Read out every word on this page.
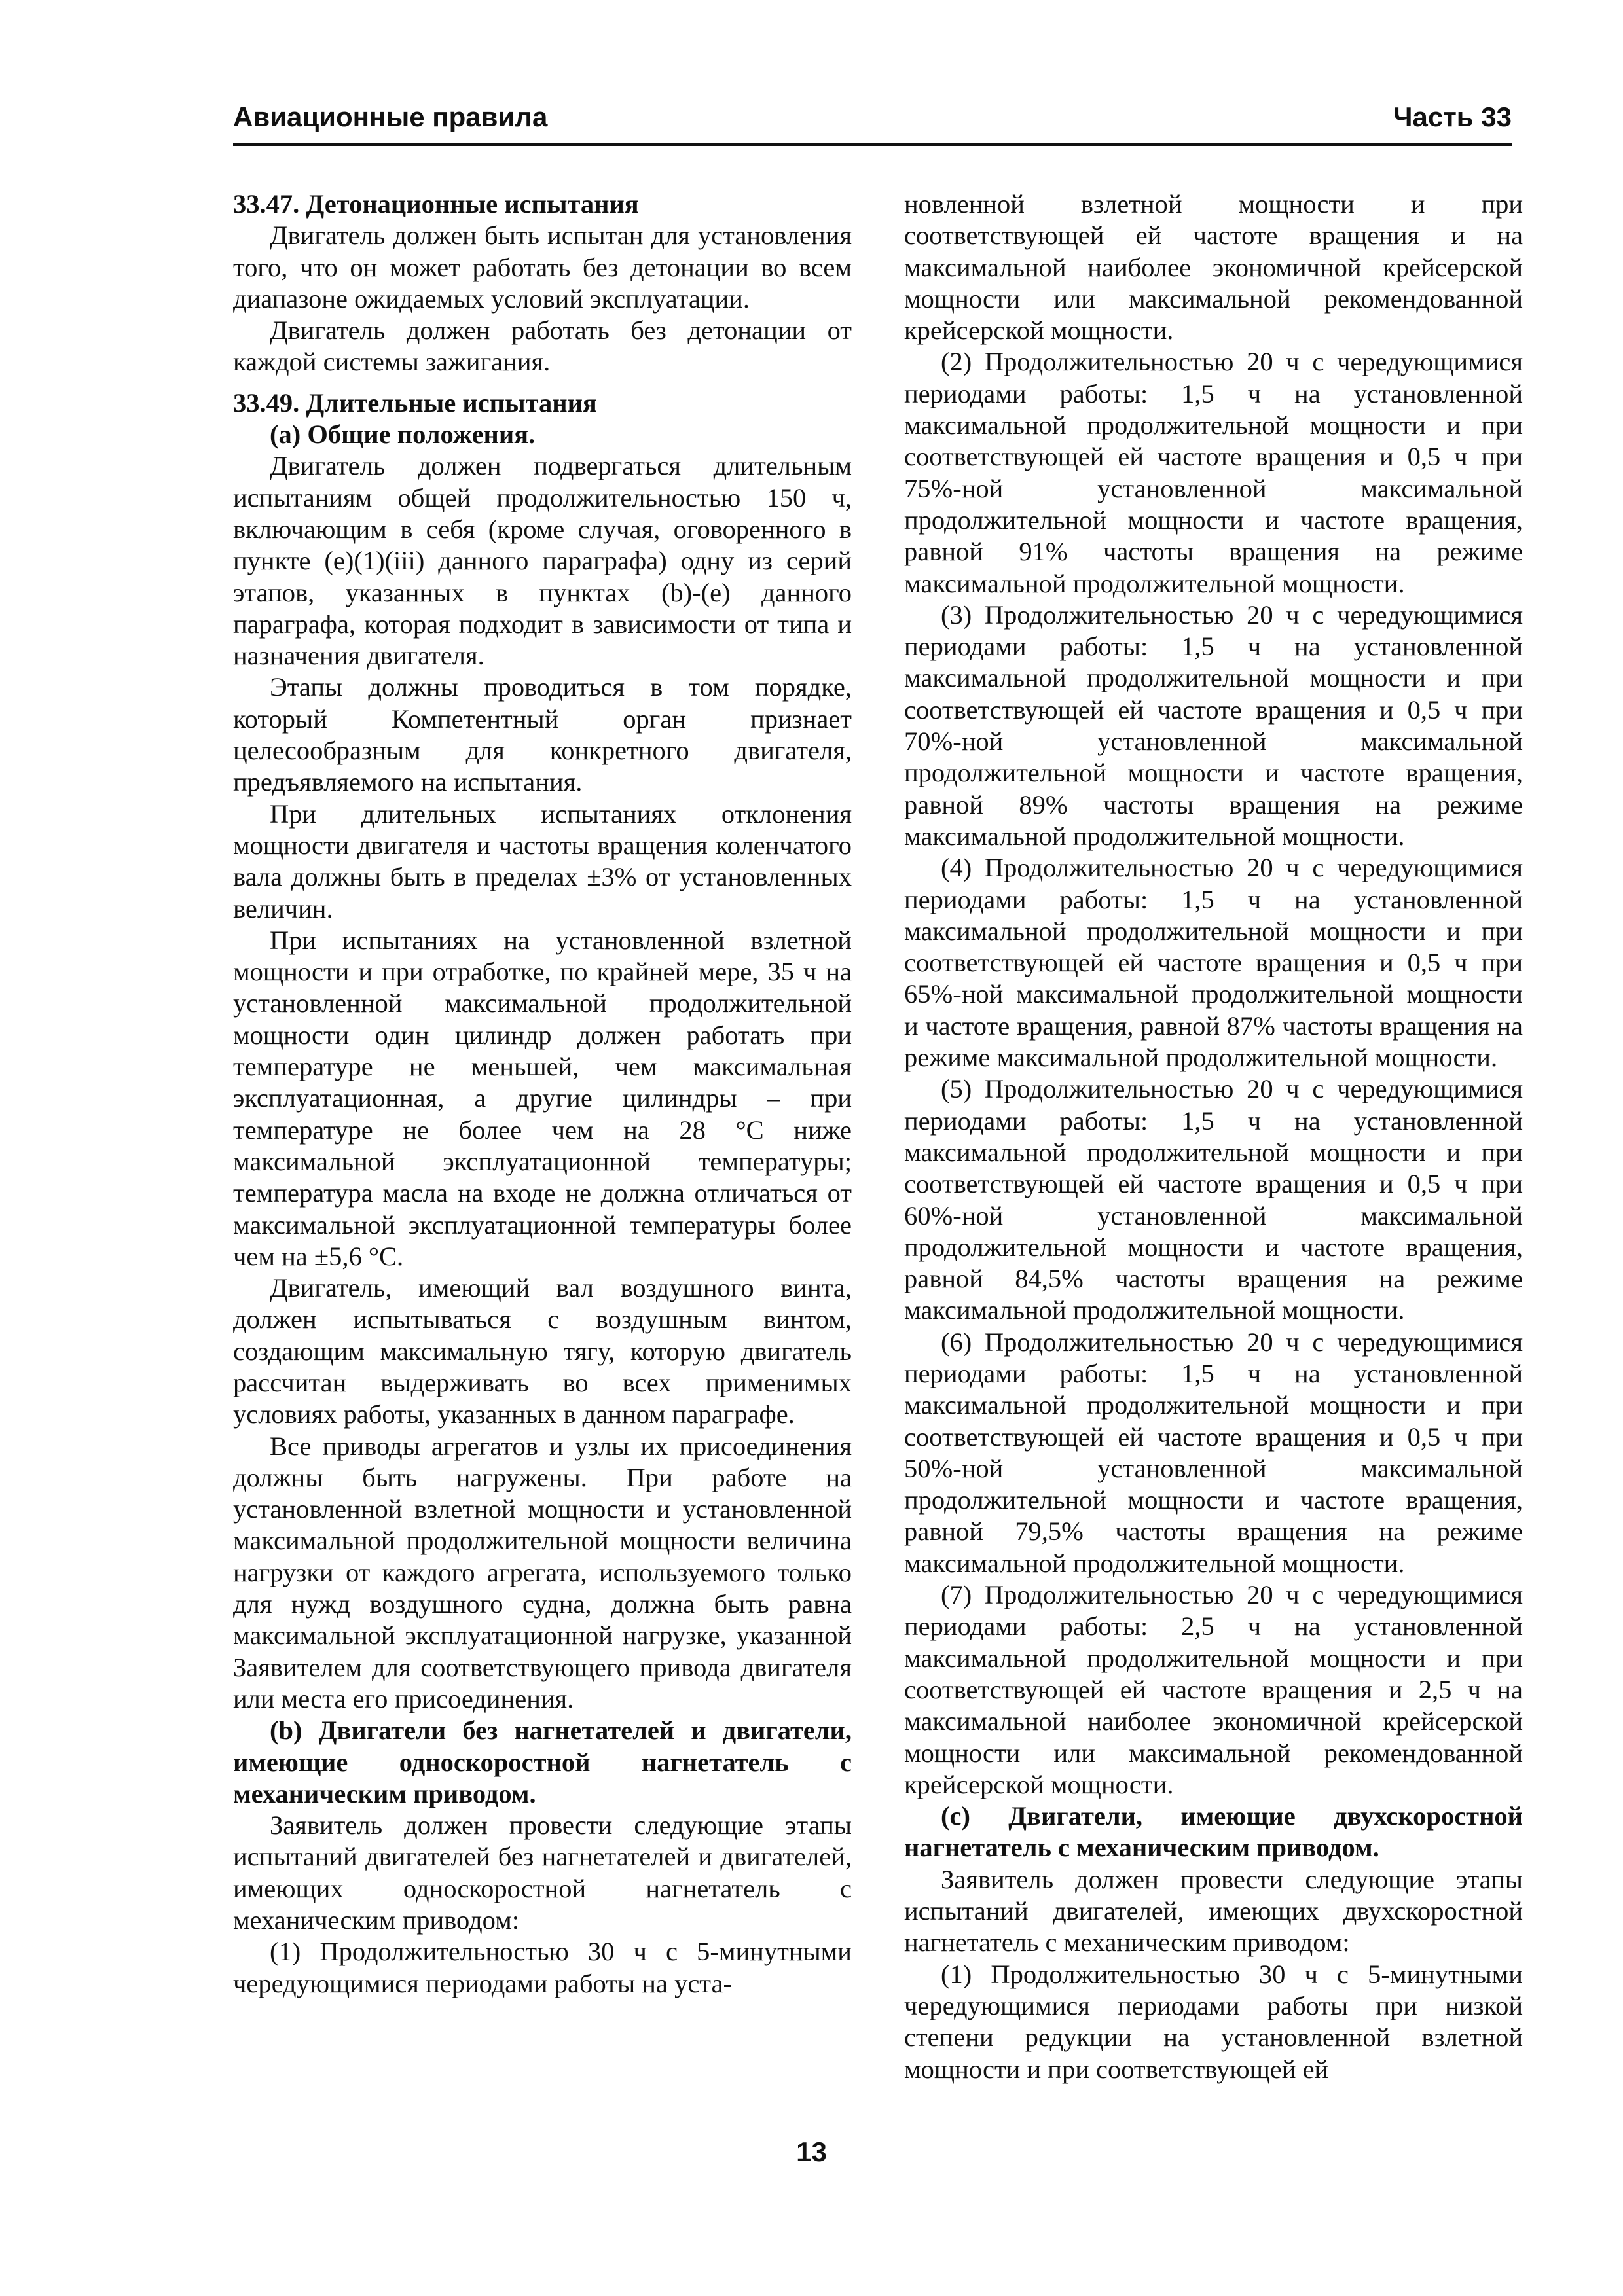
Авиационные правила	Часть 33

33.47. Детонационные испытания

Двигатель должен быть испытан для установления того, что он может работать без детонации во всем диапазоне ожидаемых условий эксплуатации.

Двигатель должен работать без детонации от каждой системы зажигания.

33.49. Длительные испытания

(a) Общие положения.

Двигатель должен подвергаться длительным испытаниям общей продолжительностью 150 ч, включающим в себя (кроме случая, оговоренного в пункте (e)(1)(iii) данного параграфа) одну из серий этапов, указанных в пунктах (b)-(e) данного параграфа, которая подходит в зависимости от типа и назначения двигателя.

Этапы должны проводиться в том порядке, который Компетентный орган признает целесообразным для конкретного двигателя, предъявляемого на испытания.

При длительных испытаниях отклонения мощности двигателя и частоты вращения коленчатого вала должны быть в пределах ±3% от установленных величин.

При испытаниях на установленной взлетной мощности и при отработке, по крайней мере, 35 ч на установленной максимальной продолжительной мощности один цилиндр должен работать при температуре не меньшей, чем максимальная эксплуатационная, а другие цилиндры – при температуре не более чем на 28 °C ниже максимальной эксплуатационной температуры; температура масла на входе не должна отличаться от максимальной эксплуатационной температуры более чем на ±5,6 °C.

Двигатель, имеющий вал воздушного винта, должен испытываться с воздушным винтом, создающим максимальную тягу, которую двигатель рассчитан выдерживать во всех применимых условиях работы, указанных в данном параграфе.

Все приводы агрегатов и узлы их присоединения должны быть нагружены. При работе на установленной взлетной мощности и установленной максимальной продолжительной мощности величина нагрузки от каждого агрегата, используемого только для нужд воздушного судна, должна быть равна максимальной эксплуатационной нагрузке, указанной Заявителем для соответствующего привода двигателя или места его присоединения.

(b) Двигатели без нагнетателей и двигатели, имеющие односкоростной нагнетатель с механическим приводом.

Заявитель должен провести следующие этапы испытаний двигателей без нагнетателей и двигателей, имеющих односкоростной нагнетатель с механическим приводом:

(1) Продолжительностью 30 ч с 5-минутными чередующимися периодами работы на уста-

новленной взлетной мощности и при соответствующей ей частоте вращения и на максимальной наиболее экономичной крейсерской мощности или максимальной рекомендованной крейсерской мощности.

(2) Продолжительностью 20 ч с чередующимися периодами работы: 1,5 ч на установленной максимальной продолжительной мощности и при соответствующей ей частоте вращения и 0,5 ч при 75%-ной установленной максимальной продолжительной мощности и частоте вращения, равной 91% частоты вращения на режиме максимальной продолжительной мощности.

(3) Продолжительностью 20 ч с чередующимися периодами работы: 1,5 ч на установленной максимальной продолжительной мощности и при соответствующей ей частоте вращения и 0,5 ч при 70%-ной установленной максимальной продолжительной мощности и частоте вращения, равной 89% частоты вращения на режиме максимальной продолжительной мощности.

(4) Продолжительностью 20 ч с чередующимися периодами работы: 1,5 ч на установленной максимальной продолжительной мощности и при соответствующей ей частоте вращения и 0,5 ч при 65%-ной максимальной продолжительной мощности и частоте вращения, равной 87% частоты вращения на режиме максимальной продолжительной мощности.

(5) Продолжительностью 20 ч с чередующимися периодами работы: 1,5 ч на установленной максимальной продолжительной мощности и при соответствующей ей частоте вращения и 0,5 ч при 60%-ной установленной максимальной продолжительной мощности и частоте вращения, равной 84,5% частоты вращения на режиме максимальной продолжительной мощности.

(6) Продолжительностью 20 ч с чередующимися периодами работы: 1,5 ч на установленной максимальной продолжительной мощности и при соответствующей ей частоте вращения и 0,5 ч при 50%-ной установленной максимальной продолжительной мощности и частоте вращения, равной 79,5% частоты вращения на режиме максимальной продолжительной мощности.

(7) Продолжительностью 20 ч с чередующимися периодами работы: 2,5 ч на установленной максимальной продолжительной мощности и при соответствующей ей частоте вращения и 2,5 ч на максимальной наиболее экономичной крейсерской мощности или максимальной рекомендованной крейсерской мощности.

(c) Двигатели, имеющие двухскоростной нагнетатель с механическим приводом.

Заявитель должен провести следующие этапы испытаний двигателей, имеющих двухскоростной нагнетатель с механическим приводом:

(1) Продолжительностью 30 ч с 5-минутными чередующимися периодами работы при низкой степени редукции на установленной взлетной мощности и при соответствующей ей

13
